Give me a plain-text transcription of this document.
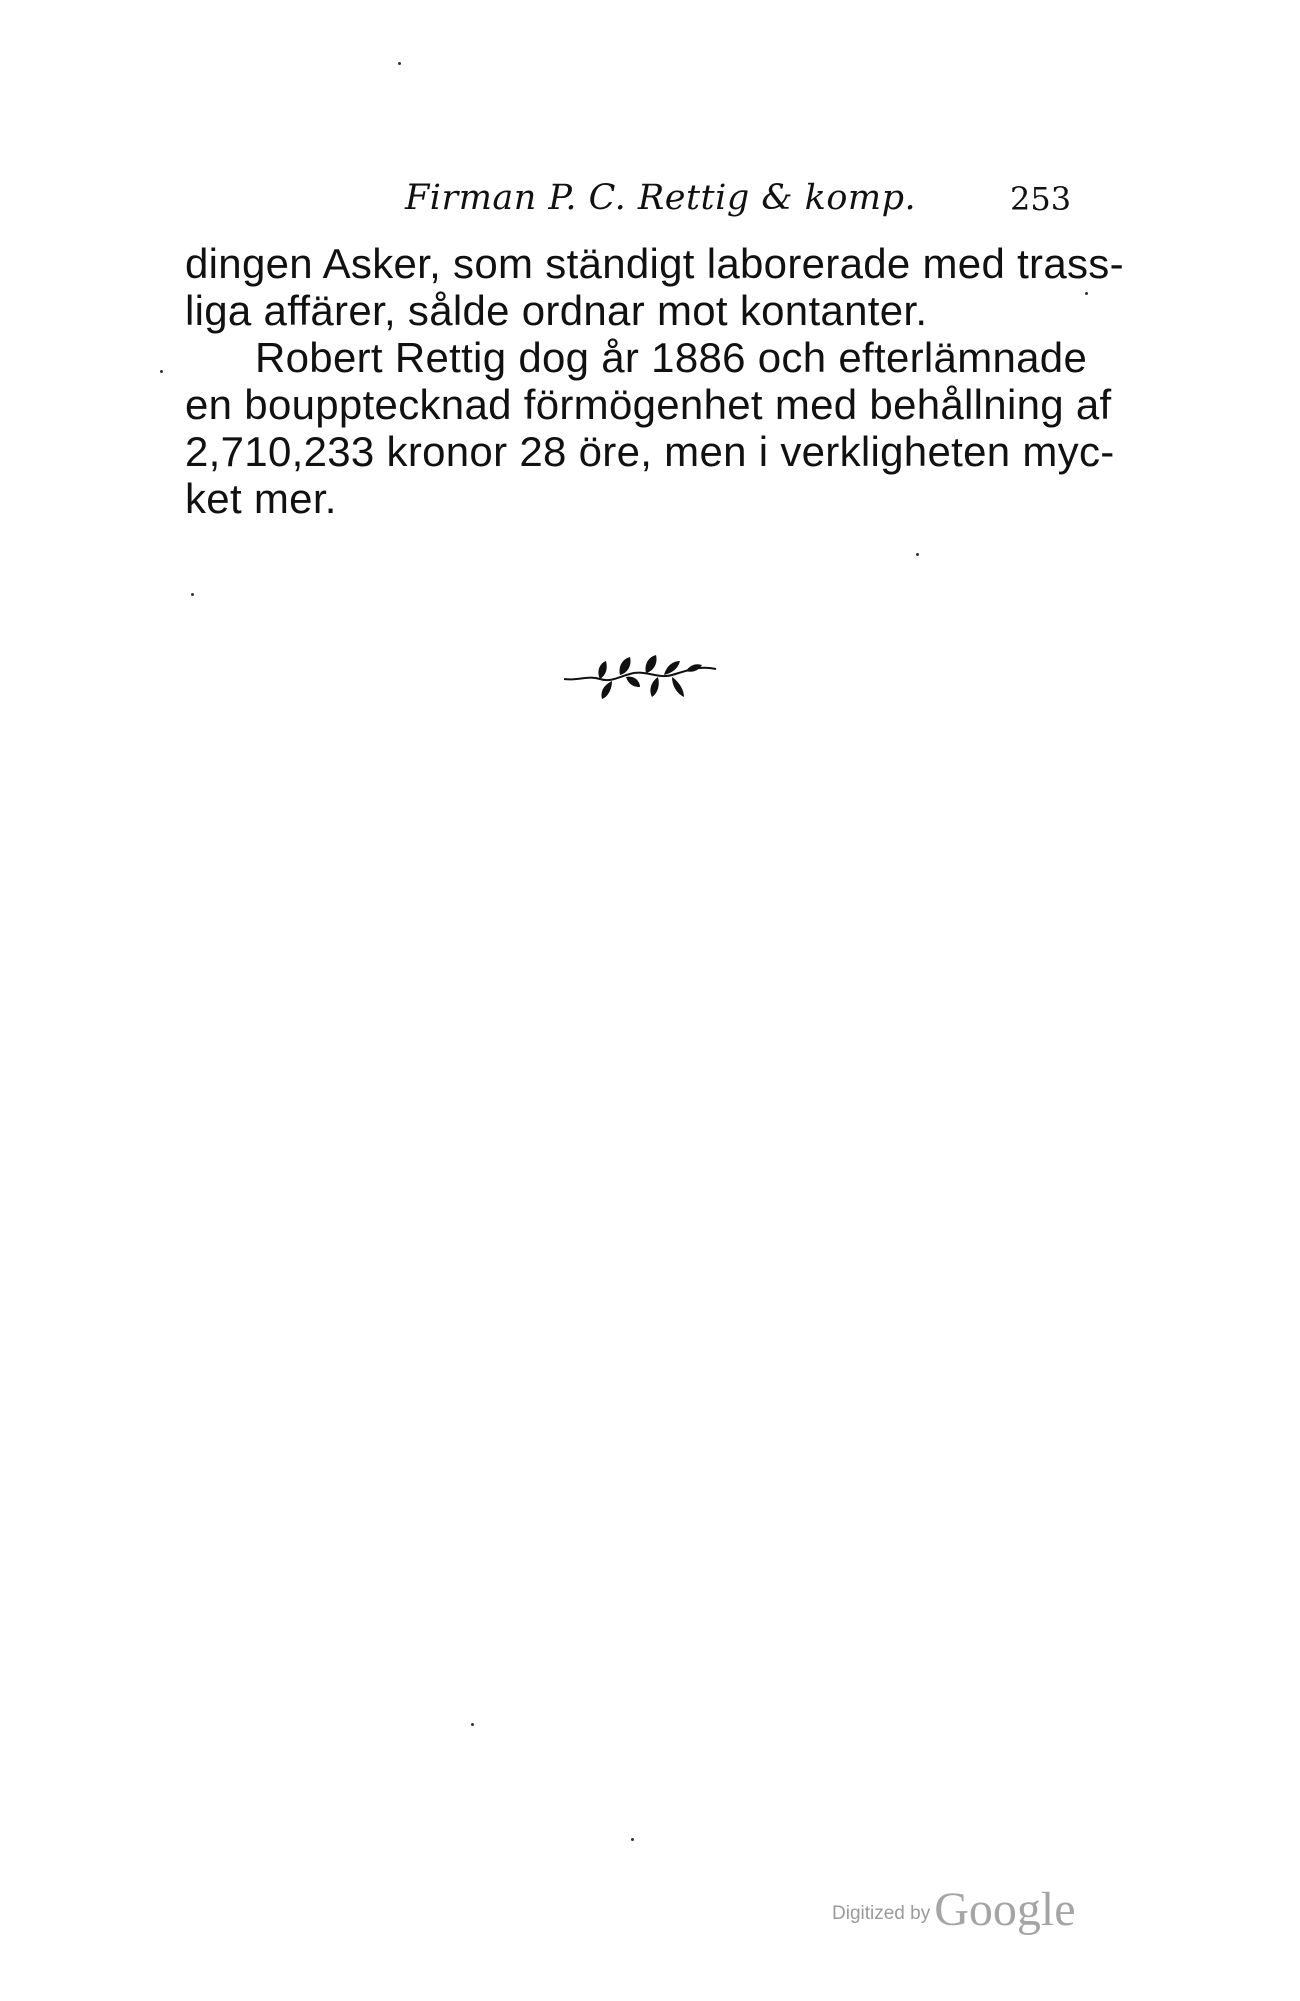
Firman P. C. Rettig & komp.	253
dingen Asker, som ständigt laborerade med trass-
liga affärer, sålde ordnar mot kontanter.
Robert Rettig dog år 1886 och efterlämnade
en boupptecknad förmögenhet med behållning af
2,710,233 kronor 28 öre, men i verkligheten myc-
ket mer.
Digitized by Google
